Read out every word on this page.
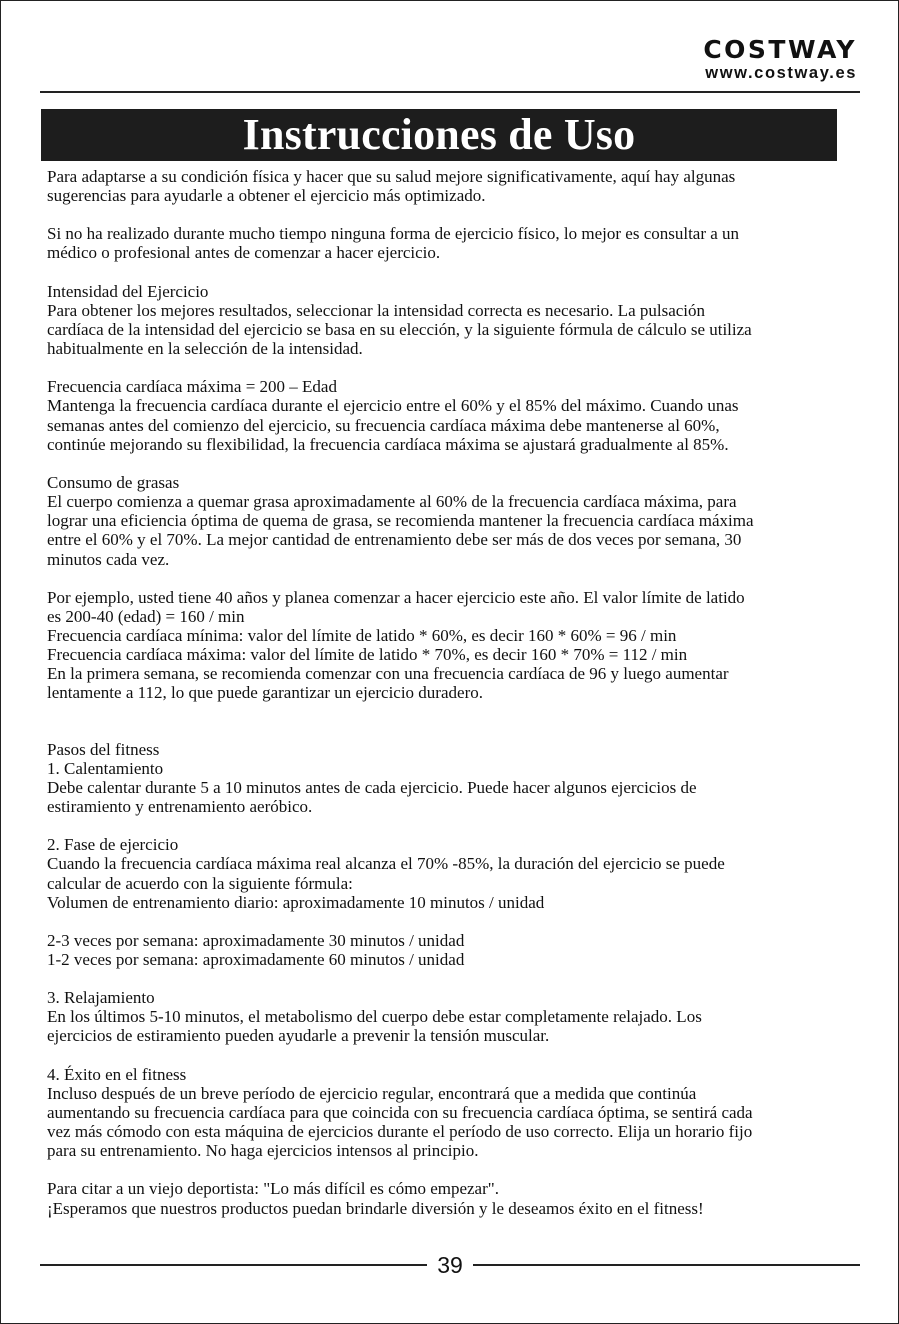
COSTWAY
www.costway.es
Instrucciones de Uso

Para adaptarse a su condición física y hacer que su salud mejore significativamente, aquí hay algunas
sugerencias para ayudarle a obtener el ejercicio más optimizado.

Si no ha realizado durante mucho tiempo ninguna forma de ejercicio físico, lo mejor es consultar a un
médico o profesional antes de comenzar a hacer ejercicio.

Intensidad del Ejercicio
Para obtener los mejores resultados, seleccionar la intensidad correcta es necesario. La pulsación
cardíaca de la intensidad del ejercicio se basa en su elección, y la siguiente fórmula de cálculo se utiliza
habitualmente en la selección de la intensidad.

Frecuencia cardíaca máxima = 200 – Edad
Mantenga la frecuencia cardíaca durante el ejercicio entre el 60% y el 85% del máximo. Cuando unas
semanas antes del comienzo del ejercicio, su frecuencia cardíaca máxima debe mantenerse al 60%,
continúe mejorando su flexibilidad, la frecuencia cardíaca máxima se ajustará gradualmente al 85%.

Consumo de grasas
El cuerpo comienza a quemar grasa aproximadamente al 60% de la frecuencia cardíaca máxima, para
lograr una eficiencia óptima de quema de grasa, se recomienda mantener la frecuencia cardíaca máxima
entre el 60% y el 70%. La mejor cantidad de entrenamiento debe ser más de dos veces por semana, 30
minutos cada vez.

Por ejemplo, usted tiene 40 años y planea comenzar a hacer ejercicio este año. El valor límite de latido
es 200-40 (edad) = 160 / min
Frecuencia cardíaca mínima: valor del límite de latido * 60%, es decir 160 * 60% = 96 / min
Frecuencia cardíaca máxima: valor del límite de latido * 70%, es decir 160 * 70% = 112 / min
En la primera semana, se recomienda comenzar con una frecuencia cardíaca de 96 y luego aumentar
lentamente a 112, lo que puede garantizar un ejercicio duradero.

Pasos del fitness
1. Calentamiento
Debe calentar durante 5 a 10 minutos antes de cada ejercicio. Puede hacer algunos ejercicios de
estiramiento y entrenamiento aeróbico.

2. Fase de ejercicio
Cuando la frecuencia cardíaca máxima real alcanza el 70% -85%, la duración del ejercicio se puede
calcular de acuerdo con la siguiente fórmula:
Volumen de entrenamiento diario: aproximadamente 10 minutos / unidad

2-3 veces por semana: aproximadamente 30 minutos / unidad
1-2 veces por semana: aproximadamente 60 minutos / unidad

3. Relajamiento
En los últimos 5-10 minutos, el metabolismo del cuerpo debe estar completamente relajado. Los
ejercicios de estiramiento pueden ayudarle a prevenir la tensión muscular.

4. Éxito en el fitness
Incluso después de un breve período de ejercicio regular, encontrará que a medida que continúa
aumentando su frecuencia cardíaca para que coincida con su frecuencia cardíaca óptima, se sentirá cada
vez más cómodo con esta máquina de ejercicios durante el período de uso correcto. Elija un horario fijo
para su entrenamiento. No haga ejercicios intensos al principio.

Para citar a un viejo deportista: "Lo más difícil es cómo empezar".
¡Esperamos que nuestros productos puedan brindarle diversión y le deseamos éxito en el fitness!

39
